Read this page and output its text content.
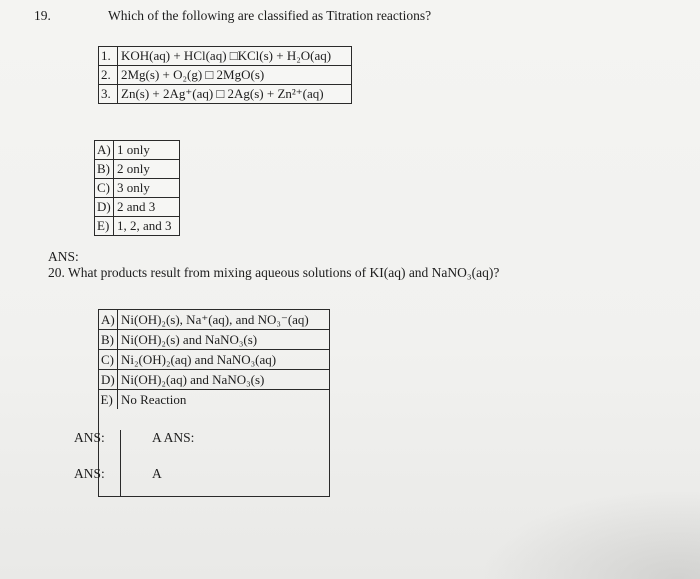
19.	Which of the following are classified as Titration reactions?
1.	KOH(aq) + HCl(aq) □KCl(s) + H₂O(aq)
2.	2Mg(s) + O₂(g) □ 2MgO(s)
3.	Zn(s) + 2Ag⁺(aq) □ 2Ag(s) + Zn²⁺(aq)
A)	1 only
B)	2 only
C)	3 only
D)	2 and 3
E)	1, 2, and 3
ANS:
20. What products result from mixing aqueous solutions of KI(aq) and NaNO₃(aq)?
A)	Ni(OH)₂(s), Na⁺(aq), and NO₃⁻(aq)
B)	Ni(OH)₂(s) and NaNO₃(s)
C)	Ni₂(OH)₂(aq) and NaNO₃(aq)
D)	Ni(OH)₂(aq) and NaNO₃(s)
E)	No Reaction
ANS:	A ANS:
ANS:	A
